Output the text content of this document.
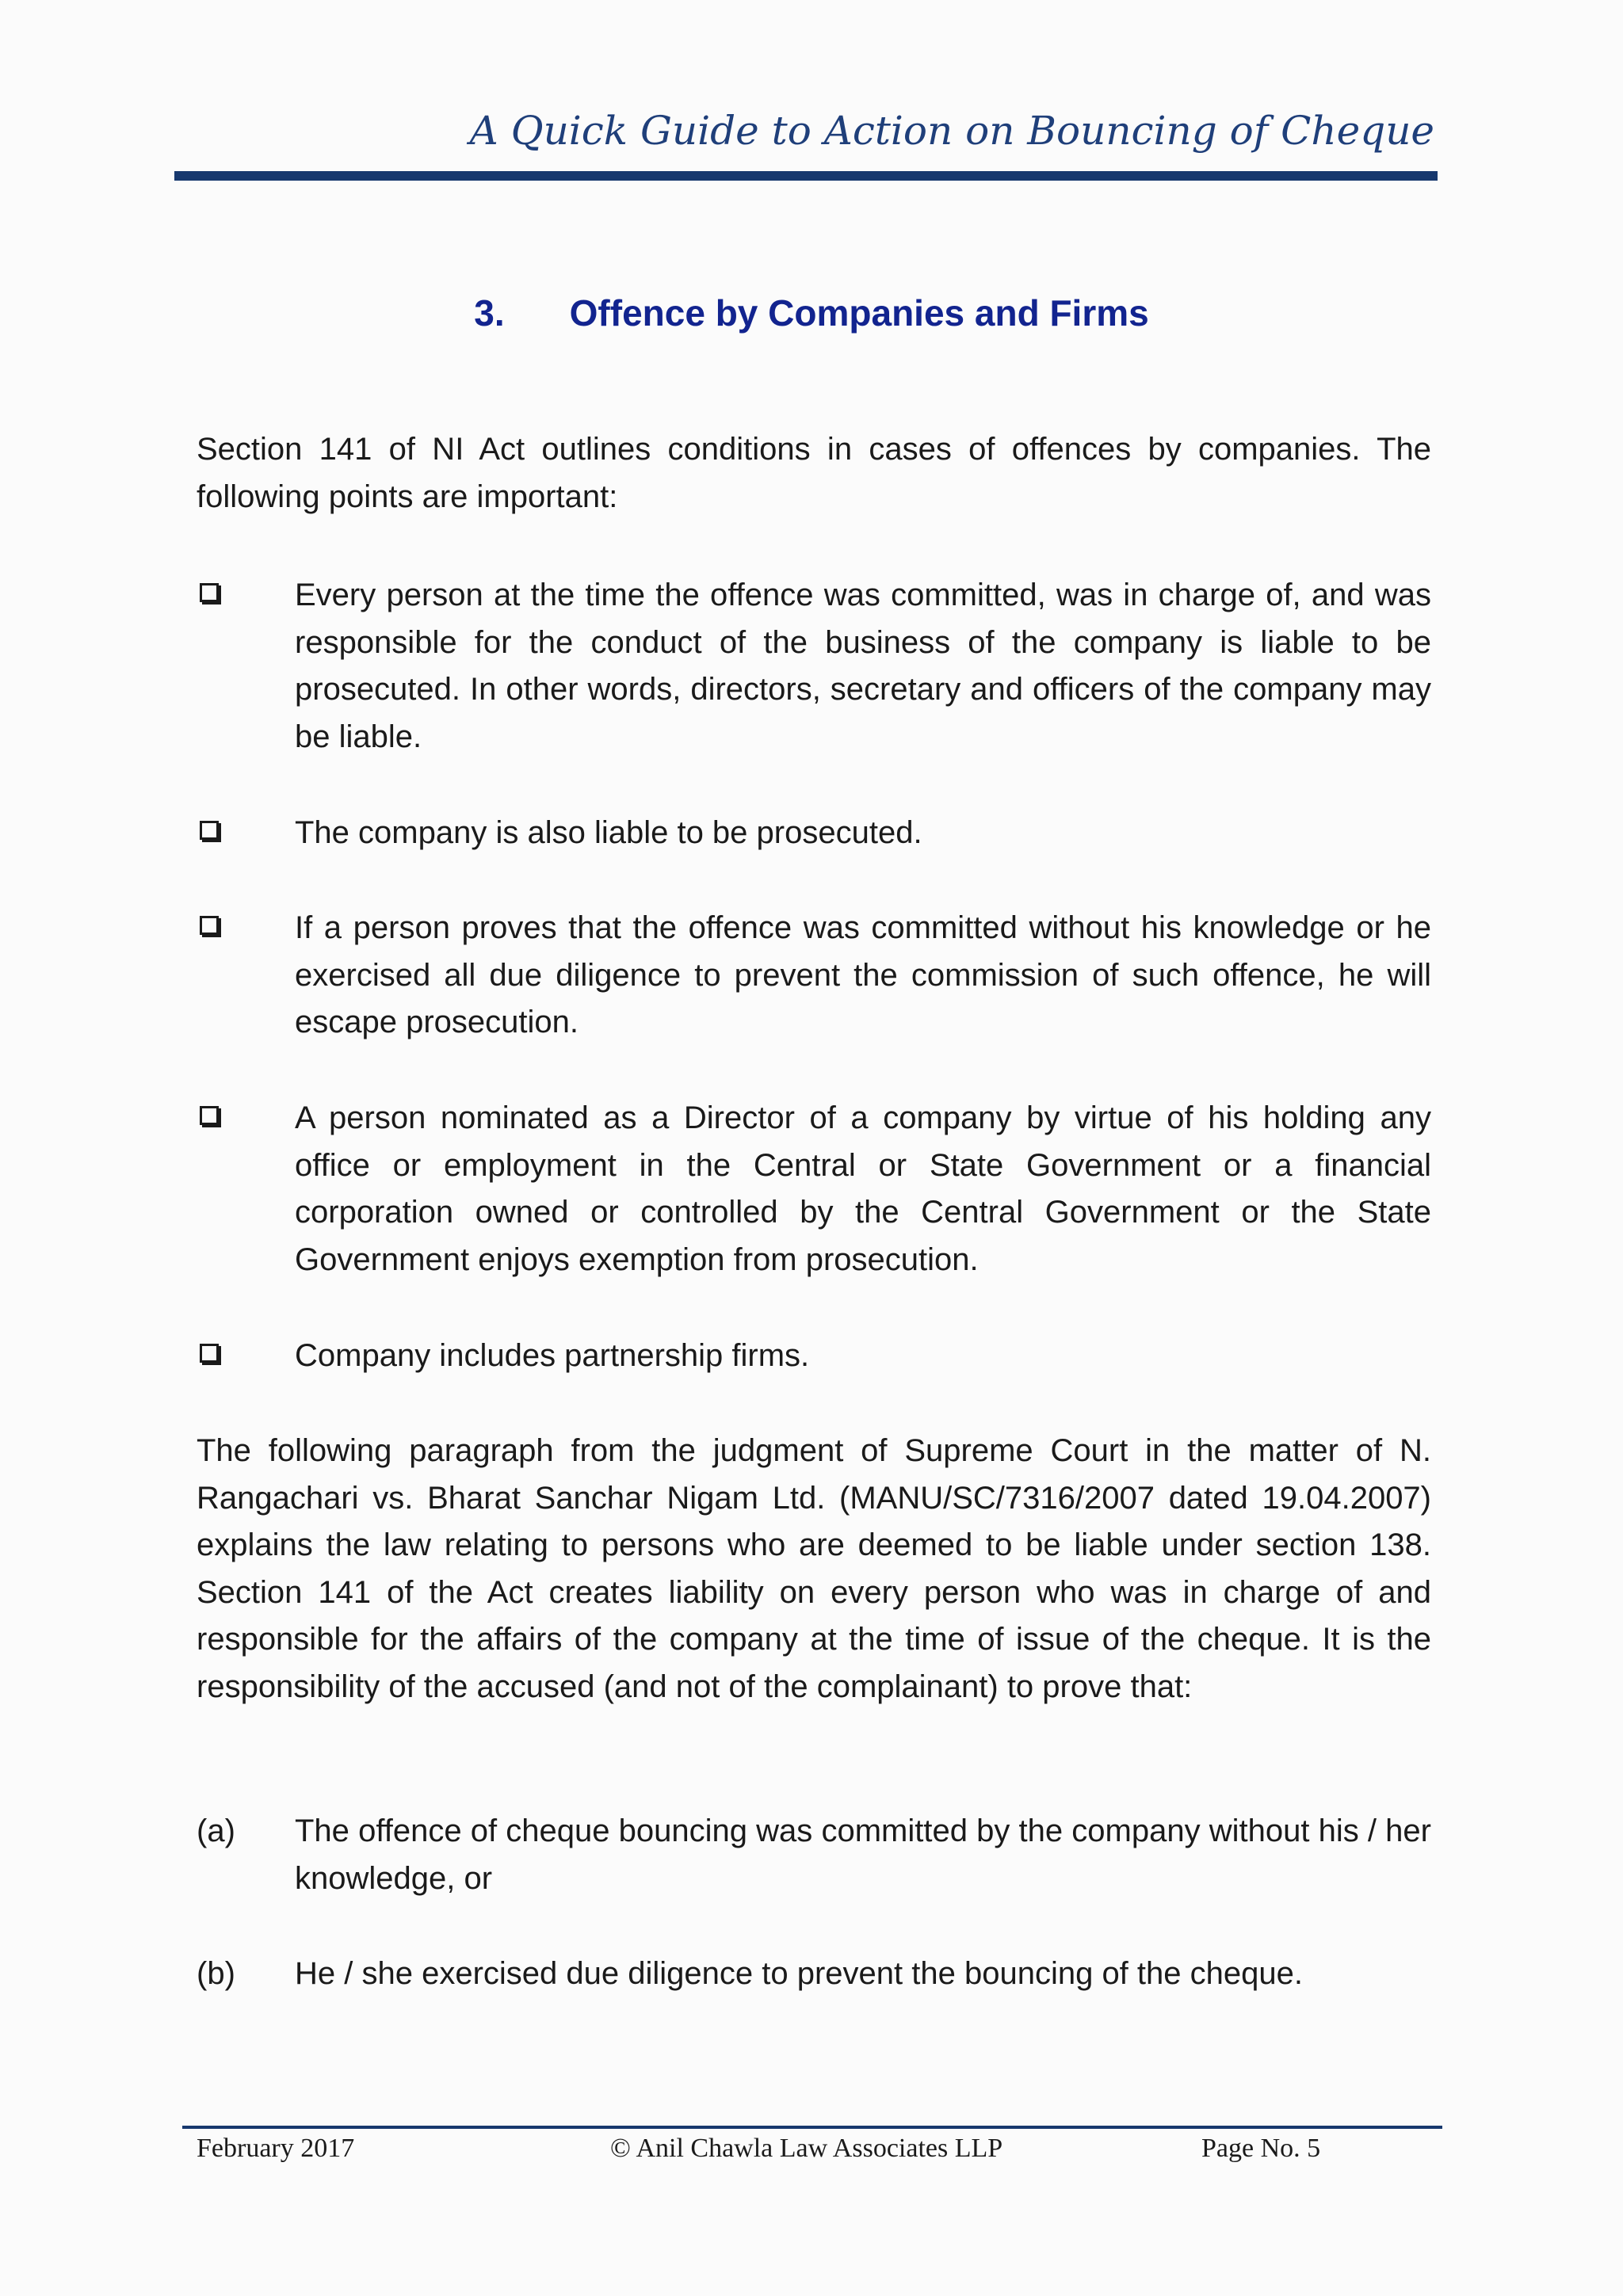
A Quick Guide to Action on Bouncing of Cheque
3. Offence by Companies and Firms

Section 141 of NI Act outlines conditions in cases of offences by companies. The following points are important:

Every person at the time the offence was committed, was in charge of, and was responsible for the conduct of the business of the company is liable to be prosecuted. In other words, directors, secretary and officers of the company may be liable.
The company is also liable to be prosecuted.
If a person proves that the offence was committed without his knowledge or he exercised all due diligence to prevent the commission of such offence, he will escape prosecution.
A person nominated as a Director of a company by virtue of his holding any office or employment in the Central or State Government or a financial corporation owned or controlled by the Central Government or the State Government enjoys exemption from prosecution.
Company includes partnership firms.

The following paragraph from the judgment of Supreme Court in the matter of N. Rangachari vs. Bharat Sanchar Nigam Ltd. (MANU/SC/7316/2007 dated 19.04.2007) explains the law relating to persons who are deemed to be liable under section 138. Section 141 of the Act creates liability on every person who was in charge of and responsible for the affairs of the company at the time of issue of the cheque. It is the responsibility of the accused (and not of the complainant) to prove that:

(a) The offence of cheque bouncing was committed by the company without his / her knowledge, or
(b) He / she exercised due diligence to prevent the bouncing of the cheque.
February 2017	© Anil Chawla Law Associates LLP	Page No. 5
